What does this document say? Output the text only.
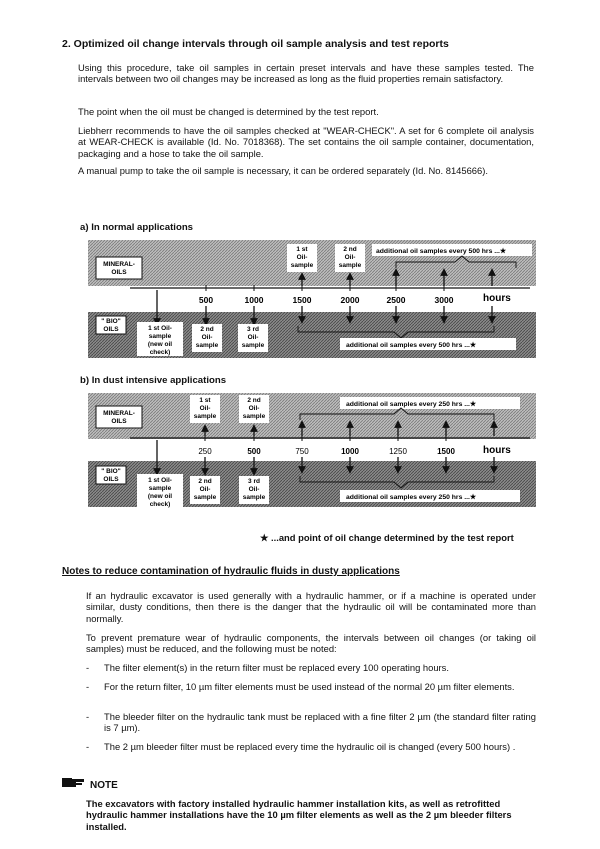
2. Optimized oil change intervals through oil sample analysis and test reports
Using this procedure, take oil samples in certain preset intervals and have these samples tested. The intervals between two oil changes may be increased as long as the fluid properties remain satisfactory.
The point when the oil must be changed is determined by the test report.
Liebherr recommends to have the oil samples checked at "WEAR-CHECK". A set for 6 complete oil analysis at WEAR-CHECK is available (Id. No. 7018368). The set contains the oil sample container, documentation, packaging and a hose to take the oil sample.
A manual pump to take the oil sample is necessary, it can be ordered separately (Id. No. 8145666).
a) In normal applications
b) In dust intensive applications
MINERAL-OILS
" BIO" OILS
1 st Oil-sample
2 nd Oil-sample
additional oil samples every 500 hrs ...★
500	1000	1500	2000	2500	3000	hours
1 st Oil-sample (new oil check)
2 nd Oil-sample
3 rd Oil-sample	additional oil samples every 500 hrs ...★
MINERAL-OILS
" BIO" OILS
1 st Oil-sample
2 nd Oil-sample
additional oil samples every 250 hrs ...★
250	500	750	1000	1250	1500	hours
1 st Oil-sample (new oil check)
2 nd Oil-sample
3 rd Oil-sample	additional oil samples every 250 hrs ...★
★ ...and point of oil change determined by the test report
Notes to reduce contamination of hydraulic fluids in dusty applications
If an hydraulic excavator is used generally with a hydraulic hammer, or if a machine is operated under similar, dusty conditions, then there is the danger that the hydraulic oil will be contaminated more than normally.
To prevent premature wear of hydraulic components, the intervals between oil changes (or taking oil samples) must be reduced, and the following must be noted:
- The filter element(s) in the return filter must be replaced every 100 operating hours.
- For the return filter, 10 µm filter elements must be used instead of the normal 20 µm filter elements.
- The bleeder filter on the hydraulic tank must be replaced with a fine filter 2 µm (the standard filter rating is 7 µm).
- The 2 µm bleeder filter must be replaced every time the hydraulic oil is changed (every 500 hours) .
NOTE
The excavators with factory installed hydraulic hammer installation kits, as well as retrofitted hydraulic hammer installations have the 10 µm filter elements as well as the 2 µm bleeder filters installed.
